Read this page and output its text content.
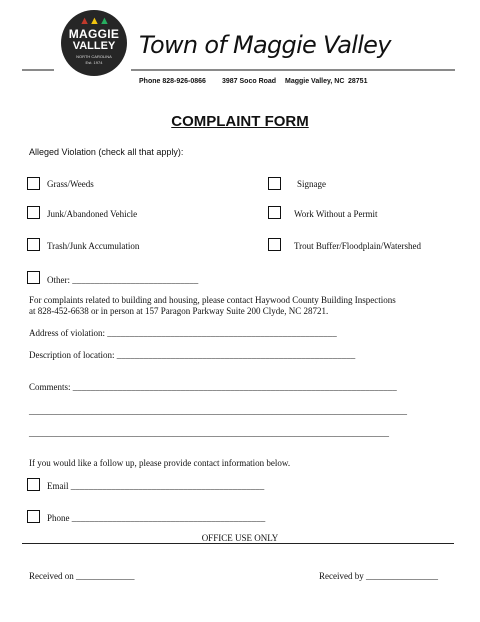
▲▲▲
MAGGIE
VALLEY
NORTH CAROLINA
Est. 1974
Town of Maggie Valley
Phone 828-926-0866 3987 Soco Road Maggie Valley, NC 28751
COMPLAINT FORM
Alleged Violation (check all that apply):
Grass/Weeds	Signage
Junk/Abandoned Vehicle	Work Without a Permit
Trash/Junk Accumulation	Trout Buffer/Floodplain/Watershed
Other: ____________________________
For complaints related to building and housing, please contact Haywood County Building Inspections
at 828-452-6638 or in person at 157 Paragon Parkway Suite 200 Clyde, NC 28721.
Address of violation: ___________________________________________________
Description of location: _____________________________________________________
Comments: ________________________________________________________________________
____________________________________________________________________________________
________________________________________________________________________________
If you would like a follow up, please provide contact information below.
Email ___________________________________________
Phone ___________________________________________
OFFICE USE ONLY
Received on _____________	Received by ________________
